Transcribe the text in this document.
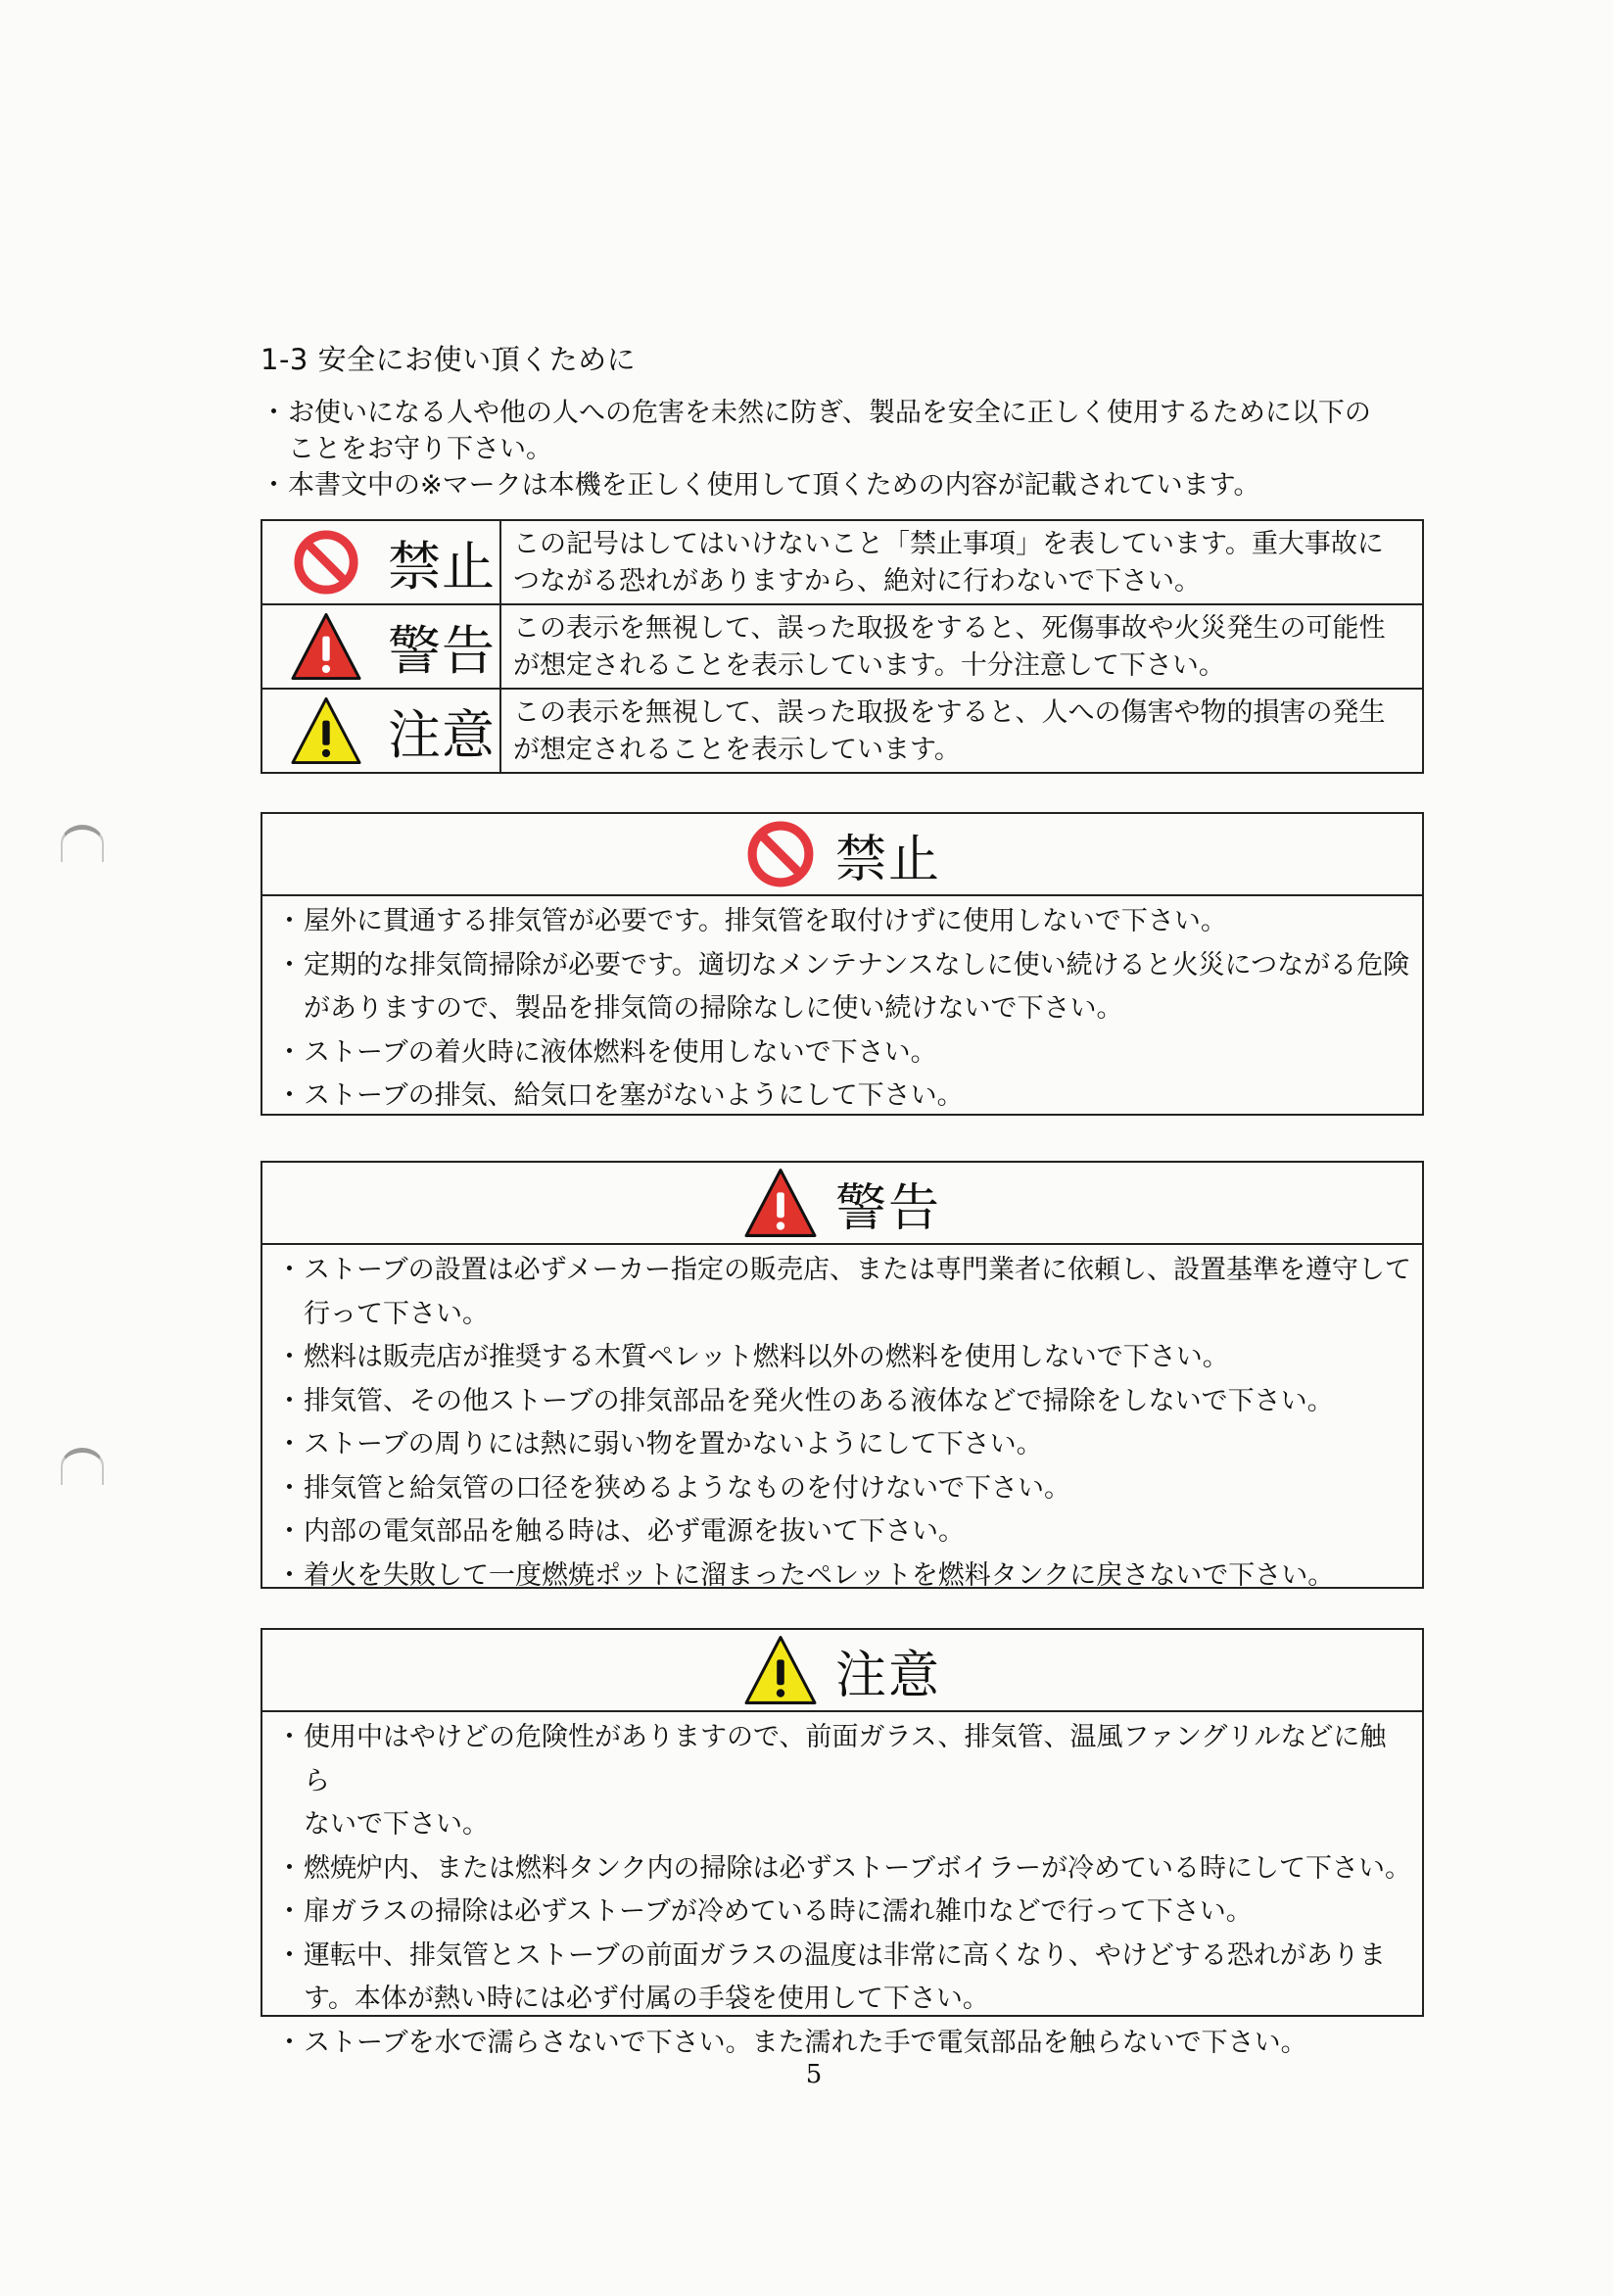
1-3 安全にお使い頂くために
・ お使いになる人や他の人への危害を未然に防ぎ、製品を安全に正しく使用するために以下の
ことをお守り下さい。
・ 本書文中の※マークは本機を正しく使用して頂くための内容が記載されています。
禁止 この記号はしてはいけないこと「禁止事項」を表しています。重大事故に
つながる恐れがありますから、絶対に行わないで下さい。
警告 この表示を無視して、誤った取扱をすると、死傷事故や火災発生の可能性
が想定されることを表示しています。十分注意して下さい。
注意 この表示を無視して、誤った取扱をすると、人への傷害や物的損害の発生
が想定されることを表示しています。
禁止
・ 屋外に貫通する排気管が必要です。排気管を取付けずに使用しないで下さい。
・ 定期的な排気筒掃除が必要です。適切なメンテナンスなしに使い続けると火災につながる危険
がありますので、製品を排気筒の掃除なしに使い続けないで下さい。
・ ストーブの着火時に液体燃料を使用しないで下さい。
・ ストーブの排気、給気口を塞がないようにして下さい。
警告
・ ストーブの設置は必ずメーカー指定の販売店、または専門業者に依頼し、設置基準を遵守して
行って下さい。
・ 燃料は販売店が推奨する木質ペレット燃料以外の燃料を使用しないで下さい。
・ 排気管、その他ストーブの排気部品を発火性のある液体などで掃除をしないで下さい。
・ ストーブの周りには熱に弱い物を置かないようにして下さい。
・ 排気管と給気管の口径を狭めるようなものを付けないで下さい。
・ 内部の電気部品を触る時は、必ず電源を抜いて下さい。
・ 着火を失敗して一度燃焼ポットに溜まったペレットを燃料タンクに戻さないで下さい。
注意
・ 使用中はやけどの危険性がありますので、前面ガラス、排気管、温風ファングリルなどに触ら
ないで下さい。
・ 燃焼炉内、または燃料タンク内の掃除は必ずストーブボイラーが冷めている時にして下さい。
・ 扉ガラスの掃除は必ずストーブが冷めている時に濡れ雑巾などで行って下さい。
・ 運転中、排気管とストーブの前面ガラスの温度は非常に高くなり、やけどする恐れがありま
す。本体が熱い時には必ず付属の手袋を使用して下さい。
・ ストーブを水で濡らさないで下さい。また濡れた手で電気部品を触らないで下さい。
5
